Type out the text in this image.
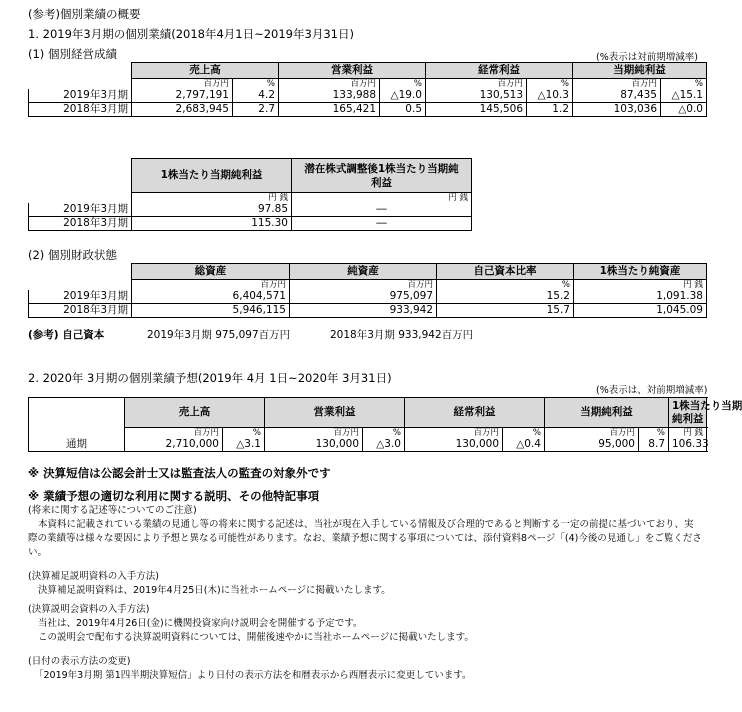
(参考)個別業績の概要
1. 2019年3月期の個別業績(2018年4月1日~2019年3月31日)
(1) 個別経営成績	(%表示は対前期増減率)
	売上高		営業利益		経常利益		当期純利益	
	百万円	%	百万円	%	百万円	%	百万円	%
2019年3月期	2,797,191	4.2	133,988	△19.0	130,513	△10.3	87,435	△15.1
2018年3月期	2,683,945	2.7	165,421	0.5	145,506	1.2	103,036	△0.0
	1株当たり当期純利益	潜在株式調整後1株当たり当期純
利益
	円 銭	円 銭
2019年3月期	97.85	―
2018年3月期	115.30	―
(2) 個別財政状態
	総資産	純資産	自己資本比率	1株当たり純資産
	百万円	百万円	%	円 銭
2019年3月期	6,404,571	975,097	15.2	1,091.38
2018年3月期	5,946,115	933,942	15.7	1,045.09
(参考) 自己資本	2019年3月期 975,097百万円	2018年3月期 933,942百万円
2. 2020年 3月期の個別業績予想(2019年 4月 1日~2020年 3月31日)
(%表示は、対前期増減率)
	売上高		営業利益		経常利益		当期純利益		1株当たり当期
純利益
	百万円	%	百万円	%	百万円	%	百万円	%	円 銭
通期	2,710,000	△3.1	130,000	△3.0	130,000	△0.4	95,000	8.7	106.33
※ 決算短信は公認会計士又は監査法人の監査の対象外です
※ 業績予想の適切な利用に関する説明、その他特記事項
(将来に関する記述等についてのご注意)
本資料に記載されている業績の見通し等の将来に関する記述は、当社が現在入手している情報及び合理的であると判断する一定の前提に基づいており、実
際の業績等は様々な要因により予想と異なる可能性があります。なお、業績予想に関する事項については、添付資料8ページ「(4)今後の見通し」をご覧くださ
い。
(決算補足説明資料の入手方法)
決算補足説明資料は、2019年4月25日(木)に当社ホームページに掲載いたします。
(決算説明会資料の入手方法)
当社は、2019年4月26日(金)に機関投資家向け説明会を開催する予定です。
この説明会で配布する決算説明資料については、開催後速やかに当社ホームページに掲載いたします。
(日付の表示方法の変更)
「2019年3月期 第1四半期決算短信」より日付の表示方法を和暦表示から西暦表示に変更しています。
